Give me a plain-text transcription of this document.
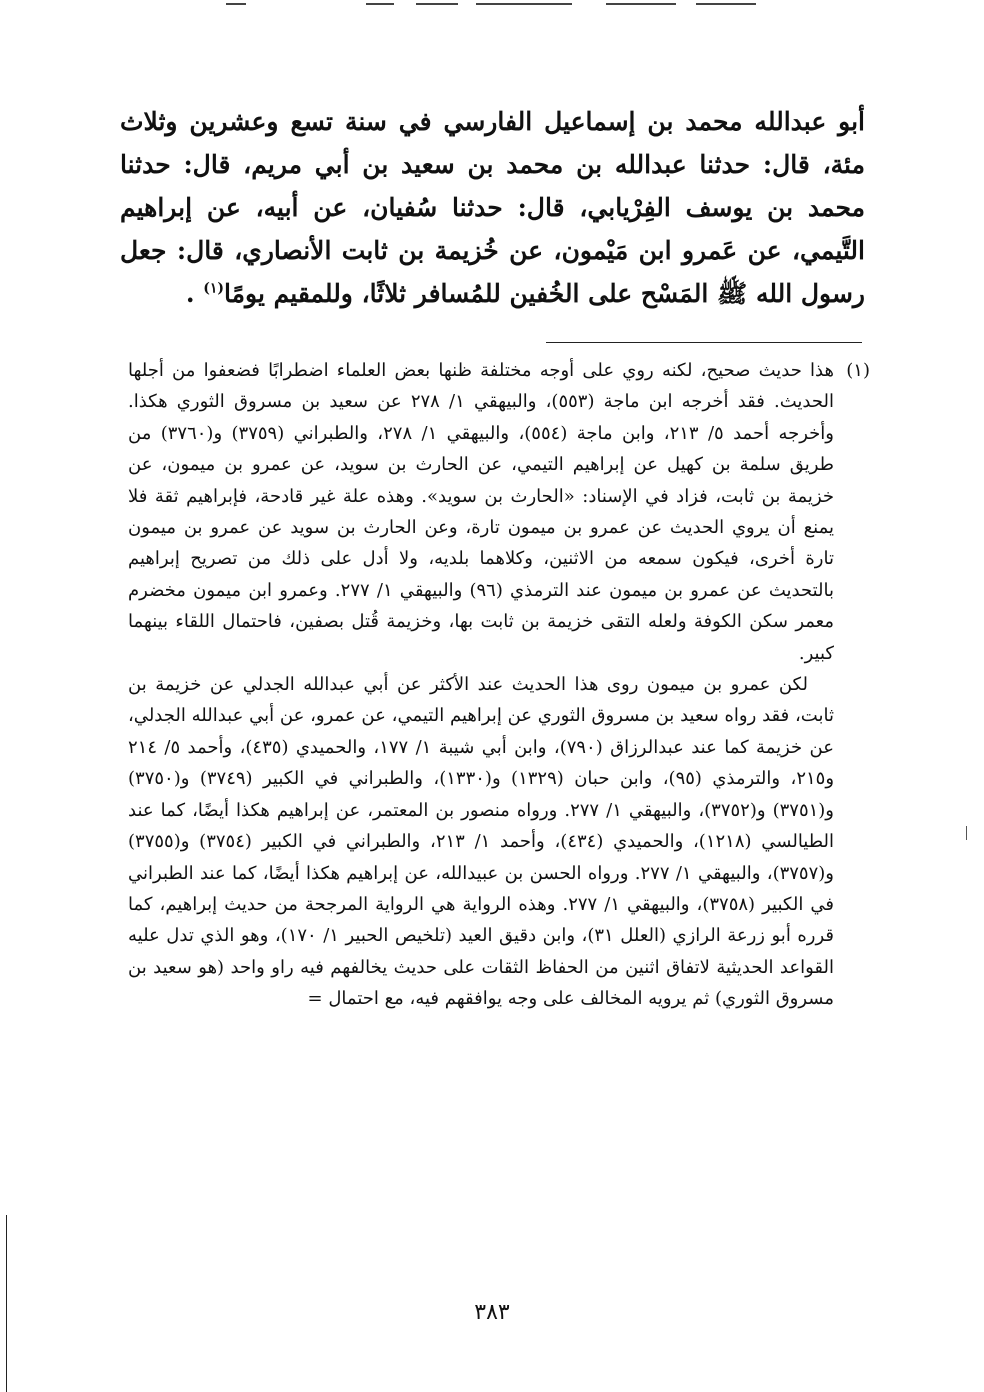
أبو عبدالله محمد بن إسماعيل الفارسي في سنة تسع وعشرين وثلاث مئة، قال: حدثنا عبدالله بن محمد بن سعيد بن أبي مريم، قال: حدثنا محمد بن يوسف الفِرْيابي، قال: حدثنا سُفيان، عن أبيه، عن إبراهيم التَّيمي، عن عَمرو ابن مَيْمون، عن خُزيمة بن ثابت الأنصاري، قال: جعل رسول الله ﷺ المَسْح على الخُفين للمُسافر ثلاثًا، وللمقيم يومًا$^{(١)}$ .

(١)

هذا حديث صحيح، لكنه روي على أوجه مختلفة ظنها بعض العلماء اضطرابًا فضعفوا من أجلها الحديث. فقد أخرجه ابن ماجة (٥٥٣)، والبيهقي ١/ ٢٧٨ عن سعيد بن مسروق الثوري هكذا. وأخرجه أحمد ٥/ ٢١٣، وابن ماجة (٥٥٤)، والبيهقي ١/ ٢٧٨، والطبراني (٣٧٥٩) و(٣٧٦٠) من طريق سلمة بن كهيل عن إبراهيم التيمي، عن الحارث بن سويد، عن عمرو بن ميمون، عن خزيمة بن ثابت، فزاد في الإسناد: «الحارث بن سويد». وهذه علة غير قادحة، فإبراهيم ثقة فلا يمنع أن يروي الحديث عن عمرو بن ميمون تارة، وعن الحارث بن سويد عن عمرو بن ميمون تارة أخرى، فيكون سمعه من الاثنين، وكلاهما بلديه، ولا أدل على ذلك من تصريح إبراهيم بالتحديث عن عمرو بن ميمون عند الترمذي (٩٦) والبيهقي ١/ ٢٧٧. وعمرو ابن ميمون مخضرم معمر سكن الكوفة ولعله التقى خزيمة بن ثابت بها، وخزيمة قُتل بصفين، فاحتمال اللقاء بينهما كبير.

لكن عمرو بن ميمون روى هذا الحديث عند الأكثر عن أبي عبدالله الجدلي عن خزيمة بن ثابت، فقد رواه سعيد بن مسروق الثوري عن إبراهيم التيمي، عن عمرو، عن أبي عبدالله الجدلي، عن خزيمة كما عند عبدالرزاق (٧٩٠)، وابن أبي شيبة ١/ ١٧٧، والحميدي (٤٣٥)، وأحمد ٥/ ٢١٤ و٢١٥، والترمذي (٩٥)، وابن حبان (١٣٢٩) و(١٣٣٠)، والطبراني في الكبير (٣٧٤٩) و(٣٧٥٠) و(٣٧٥١) و(٣٧٥٢)، والبيهقي ١/ ٢٧٧. ورواه منصور بن المعتمر، عن إبراهيم هكذا أيضًا، كما عند الطيالسي (١٢١٨)، والحميدي (٤٣٤)، وأحمد ١/ ٢١٣، والطبراني في الكبير (٣٧٥٤) و(٣٧٥٥) و(٣٧٥٧)، والبيهقي ١/ ٢٧٧. ورواه الحسن بن عبيدالله، عن إبراهيم هكذا أيضًا، كما عند الطبراني في الكبير (٣٧٥٨)، والبيهقي ١/ ٢٧٧. وهذه الرواية هي الرواية المرجحة من حديث إبراهيم، كما قرره أبو زرعة الرازي (العلل ٣١)، وابن دقيق العيد (تلخيص الحبير ١/ ١٧٠)، وهو الذي تدل عليه القواعد الحديثية لاتفاق اثنين من الحفاظ الثقات على حديث يخالفهم فيه راو واحد (هو سعيد بن مسروق الثوري) ثم يرويه المخالف على وجه يوافقهم فيه، مع احتمال =

٣٨٣
